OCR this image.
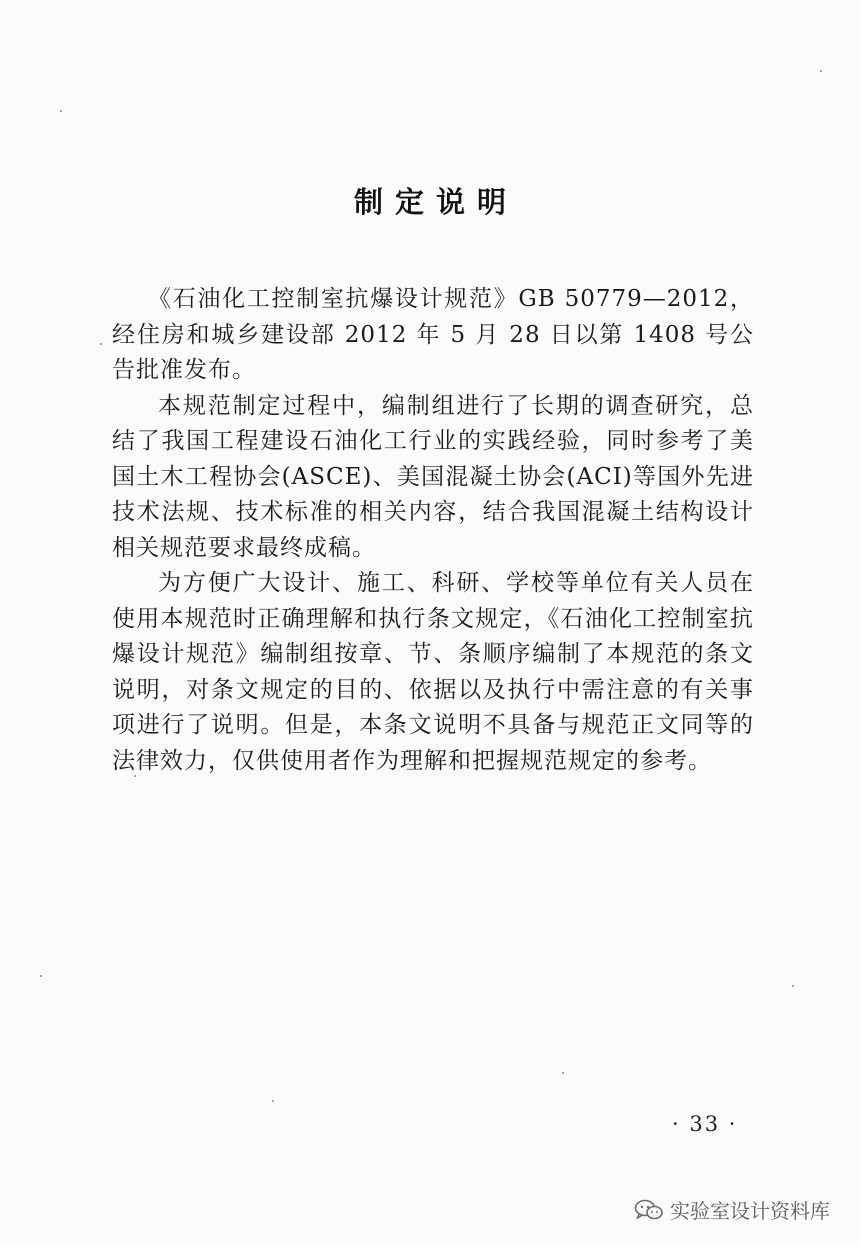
制定说明

《石油化工控制室抗爆设计规范》GB 50779—2012，经住房和城乡建设部 2012 年 5 月 28 日以第 1408 号公告批准发布。

本规范制定过程中，编制组进行了长期的调查研究，总结了我国工程建设石油化工行业的实践经验，同时参考了美国土木工程协会(ASCE)、美国混凝土协会(ACI)等国外先进技术法规、技术标准的相关内容，结合我国混凝土结构设计相关规范要求最终成稿。

为方便广大设计、施工、科研、学校等单位有关人员在使用本规范时正确理解和执行条文规定，《石油化工控制室抗爆设计规范》编制组按章、节、条顺序编制了本规范的条文说明，对条文规定的目的、依据以及执行中需注意的有关事项进行了说明。但是，本条文说明不具备与规范正文同等的法律效力，仅供使用者作为理解和把握规范规定的参考。

· 33 ·
实验室设计资料库
